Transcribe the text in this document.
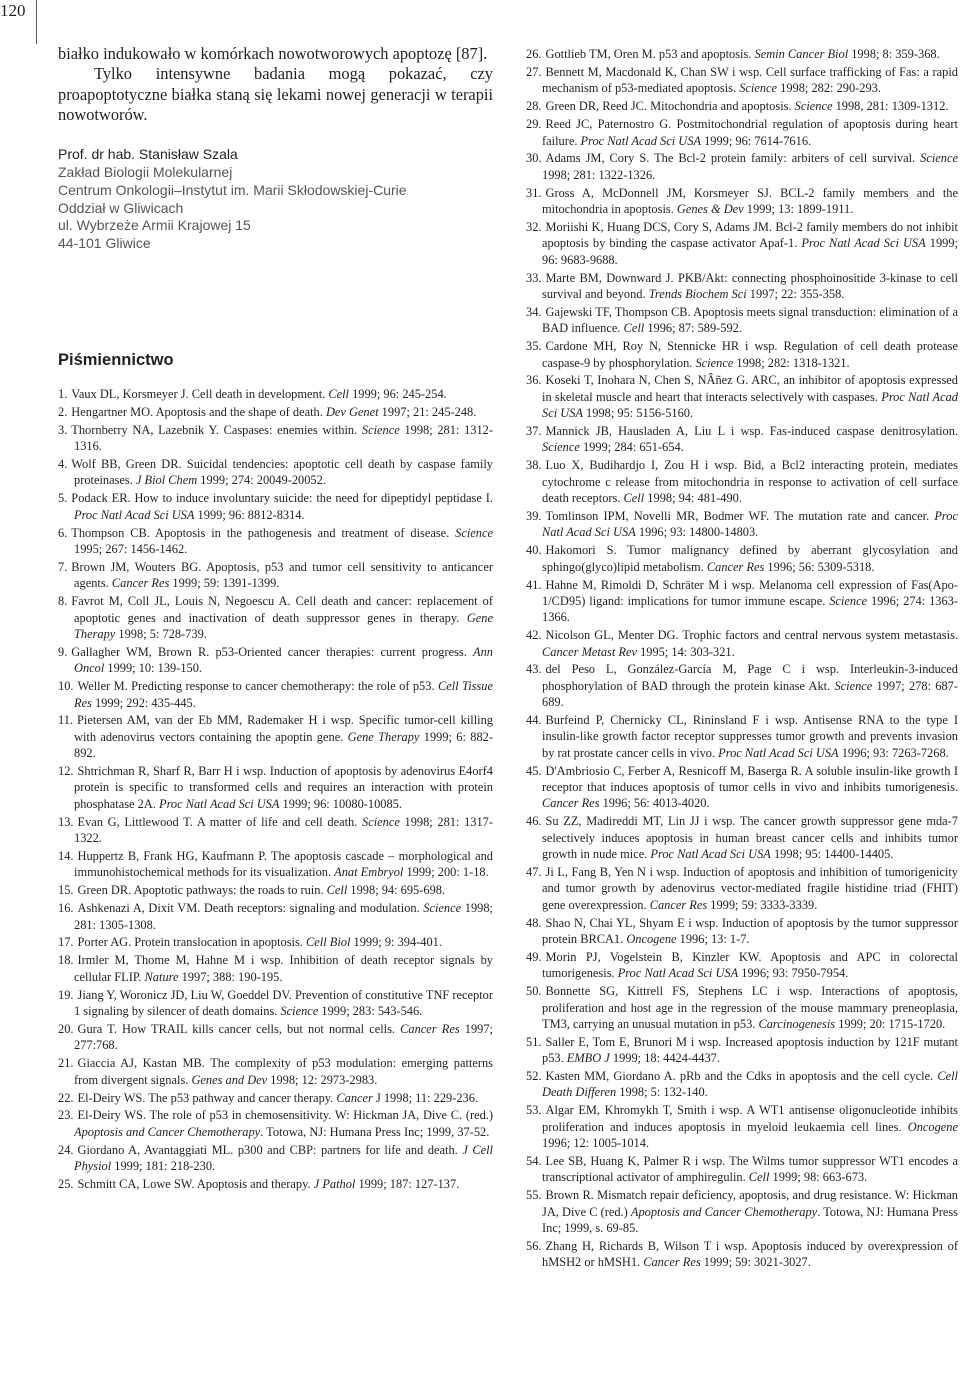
120

białko indukowało w komórkach nowotworowych apoptozę [87].

Tylko intensywne badania mogą pokazać, czy proapoptotyczne białka staną się lekami nowej generacji w terapii nowotworów.

Prof. dr hab. Stanisław Szala
Zakład Biologii Molekularnej
Centrum Onkologii–Instytut im. Marii Skłodowskiej-Curie
Oddział w Gliwicach
ul. Wybrzeże Armii Krajowej 15
44-101 Gliwice
Piśmiennictwo
1. Vaux DL, Korsmeyer J. Cell death in development. Cell 1999; 96: 245-254.
2. Hengartner MO. Apoptosis and the shape of death. Dev Genet 1997; 21: 245-248.
3. Thornberry NA, Lazebnik Y. Caspases: enemies within. Science 1998; 281: 1312-1316.
4. Wolf BB, Green DR. Suicidal tendencies: apoptotic cell death by caspase family proteinases. J Biol Chem 1999; 274: 20049-20052.
5. Podack ER. How to induce involuntary suicide: the need for dipeptidyl peptidase I. Proc Natl Acad Sci USA 1999; 96: 8812-8314.
6. Thompson CB. Apoptosis in the pathogenesis and treatment of disease. Science 1995; 267: 1456-1462.
7. Brown JM, Wouters BG. Apoptosis, p53 and tumor cell sensitivity to anticancer agents. Cancer Res 1999; 59: 1391-1399.
8. Favrot M, Coll JL, Louis N, Negoescu A. Cell death and cancer: replacement of apoptotic genes and inactivation of death suppressor genes in therapy. Gene Therapy 1998; 5: 728-739.
9. Gallagher WM, Brown R. p53-Oriented cancer therapies: current progress. Ann Oncol 1999; 10: 139-150.
10. Weller M. Predicting response to cancer chemotherapy: the role of p53. Cell Tissue Res 1999; 292: 435-445.
11. Pietersen AM, van der Eb MM, Rademaker H i wsp. Specific tumor-cell killing with adenovirus vectors containing the apoptin gene. Gene Therapy 1999; 6: 882-892.
12. Shtrichman R, Sharf R, Barr H i wsp. Induction of apoptosis by adenovirus E4orf4 protein is specific to transformed cells and requires an interaction with protein phosphatase 2A. Proc Natl Acad Sci USA 1999; 96: 10080-10085.
13. Evan G, Littlewood T. A matter of life and cell death. Science 1998; 281: 1317-1322.
14. Huppertz B, Frank HG, Kaufmann P. The apoptosis cascade – morphological and immunohistochemical methods for its visualization. Anat Embryol 1999; 200: 1-18.
15. Green DR. Apoptotic pathways: the roads to ruin. Cell 1998; 94: 695-698.
16. Ashkenazi A, Dixit VM. Death receptors: signaling and modulation. Science 1998; 281: 1305-1308.
17. Porter AG. Protein translocation in apoptosis. Cell Biol 1999; 9: 394-401.
18. Irmler M, Thome M, Hahne M i wsp. Inhibition of death receptor signals by cellular FLIP. Nature 1997; 388: 190-195.
19. Jiang Y, Woronicz JD, Liu W, Goeddel DV. Prevention of constitutive TNF receptor 1 signaling by silencer of death domains. Science 1999; 283: 543-546.
20. Gura T. How TRAIL kills cancer cells, but not normal cells. Cancer Res 1997; 277:768.
21. Giaccia AJ, Kastan MB. The complexity of p53 modulation: emerging patterns from divergent signals. Genes and Dev 1998; 12: 2973-2983.
22. El-Deiry WS. The p53 pathway and cancer therapy. Cancer J 1998; 11: 229-236.
23. El-Deiry WS. The role of p53 in chemosensitivity. W: Hickman JA, Dive C. (red.) Apoptosis and Cancer Chemotherapy. Totowa, NJ: Humana Press Inc; 1999, 37-52.
24. Giordano A, Avantaggiati ML. p300 and CBP: partners for life and death. J Cell Physiol 1999; 181: 218-230.
25. Schmitt CA, Lowe SW. Apoptosis and therapy. J Pathol 1999; 187: 127-137.
26. Gottlieb TM, Oren M. p53 and apoptosis. Semin Cancer Biol 1998; 8: 359-368.
27. Bennett M, Macdonald K, Chan SW i wsp. Cell surface trafficking of Fas: a rapid mechanism of p53-mediated apoptosis. Science 1998; 282: 290-293.
28. Green DR, Reed JC. Mitochondria and apoptosis. Science 1998, 281: 1309-1312.
29. Reed JC, Paternostro G. Postmitochondrial regulation of apoptosis during heart failure. Proc Natl Acad Sci USA 1999; 96: 7614-7616.
30. Adams JM, Cory S. The Bcl-2 protein family: arbiters of cell survival. Science 1998; 281: 1322-1326.
31. Gross A, McDonnell JM, Korsmeyer SJ. BCL-2 family members and the mitochondria in apoptosis. Genes & Dev 1999; 13: 1899-1911.
32. Moriishi K, Huang DCS, Cory S, Adams JM. Bcl-2 family members do not inhibit apoptosis by binding the caspase activator Apaf-1. Proc Natl Acad Sci USA 1999; 96: 9683-9688.
33. Marte BM, Downward J. PKB/Akt: connecting phosphoinositide 3-kinase to cell survival and beyond. Trends Biochem Sci 1997; 22: 355-358.
34. Gajewski TF, Thompson CB. Apoptosis meets signal transduction: elimination of a BAD influence. Cell 1996; 87: 589-592.
35. Cardone MH, Roy N, Stennicke HR i wsp. Regulation of cell death protease caspase-9 by phosphorylation. Science 1998; 282: 1318-1321.
36. Koseki T, Inohara N, Chen S, NÂñez G. ARC, an inhibitor of apoptosis expressed in skeletal muscle and heart that interacts selectively with caspases. Proc Natl Acad Sci USA 1998; 95: 5156-5160.
37. Mannick JB, Hausladen A, Liu L i wsp. Fas-induced caspase denitrosylation. Science 1999; 284: 651-654.
38. Luo X, Budihardjo I, Zou H i wsp. Bid, a Bcl2 interacting protein, mediates cytochrome c release from mitochondria in response to activation of cell surface death receptors. Cell 1998; 94: 481-490.
39. Tomlinson IPM, Novelli MR, Bodmer WF. The mutation rate and cancer. Proc Natl Acad Sci USA 1996; 93: 14800-14803.
40. Hakomori S. Tumor malignancy defined by aberrant glycosylation and sphingo(glyco)lipid metabolism. Cancer Res 1996; 56: 5309-5318.
41. Hahne M, Rimoldi D, Schräter M i wsp. Melanoma cell expression of Fas(Apo-1/CD95) ligand: implications for tumor immune escape. Science 1996; 274: 1363-1366.
42. Nicolson GL, Menter DG. Trophic factors and central nervous system metastasis. Cancer Metast Rev 1995; 14: 303-321.
43. del Peso L, González-García M, Page C i wsp. Interleukin-3-induced phosphorylation of BAD through the protein kinase Akt. Science 1997; 278: 687-689.
44. Burfeind P, Chernicky CL, Rininsland F i wsp. Antisense RNA to the type I insulin-like growth factor receptor suppresses tumor growth and prevents invasion by rat prostate cancer cells in vivo. Proc Natl Acad Sci USA 1996; 93: 7263-7268.
45. D'Ambriosio C, Ferber A, Resnicoff M, Baserga R. A soluble insulin-like growth I receptor that induces apoptosis of tumor cells in vivo and inhibits tumorigenesis. Cancer Res 1996; 56: 4013-4020.
46. Su ZZ, Madireddi MT, Lin JJ i wsp. The cancer growth suppressor gene mda-7 selectively induces apoptosis in human breast cancer cells and inhibits tumor growth in nude mice. Proc Natl Acad Sci USA 1998; 95: 14400-14405.
47. Ji L, Fang B, Yen N i wsp. Induction of apoptosis and inhibition of tumorigenicity and tumor growth by adenovirus vector-mediated fragile histidine triad (FHIT) gene overexpression. Cancer Res 1999; 59: 3333-3339.
48. Shao N, Chai YL, Shyam E i wsp. Induction of apoptosis by the tumor suppressor protein BRCA1. Oncogene 1996; 13: 1-7.
49. Morin PJ, Vogelstein B, Kinzler KW. Apoptosis and APC in colorectal tumorigenesis. Proc Natl Acad Sci USA 1996; 93: 7950-7954.
50. Bonnette SG, Kittrell FS, Stephens LC i wsp. Interactions of apoptosis, proliferation and host age in the regression of the mouse mammary preneoplasia, TM3, carrying an unusual mutation in p53. Carcinogenesis 1999; 20: 1715-1720.
51. Saller E, Tom E, Brunori M i wsp. Increased apoptosis induction by 121F mutant p53. EMBO J 1999; 18: 4424-4437.
52. Kasten MM, Giordano A. pRb and the Cdks in apoptosis and the cell cycle. Cell Death Differen 1998; 5: 132-140.
53. Algar EM, Khromykh T, Smith i wsp. A WT1 antisense oligonucleotide inhibits proliferation and induces apoptosis in myeloid leukaemia cell lines. Oncogene 1996; 12: 1005-1014.
54. Lee SB, Huang K, Palmer R i wsp. The Wilms tumor suppressor WT1 encodes a transcriptional activator of amphiregulin. Cell 1999; 98: 663-673.
55. Brown R. Mismatch repair deficiency, apoptosis, and drug resistance. W: Hickman JA, Dive C (red.) Apoptosis and Cancer Chemotherapy. Totowa, NJ: Humana Press Inc; 1999, s. 69-85.
56. Zhang H, Richards B, Wilson T i wsp. Apoptosis induced by overexpression of hMSH2 or hMSH1. Cancer Res 1999; 59: 3021-3027.
